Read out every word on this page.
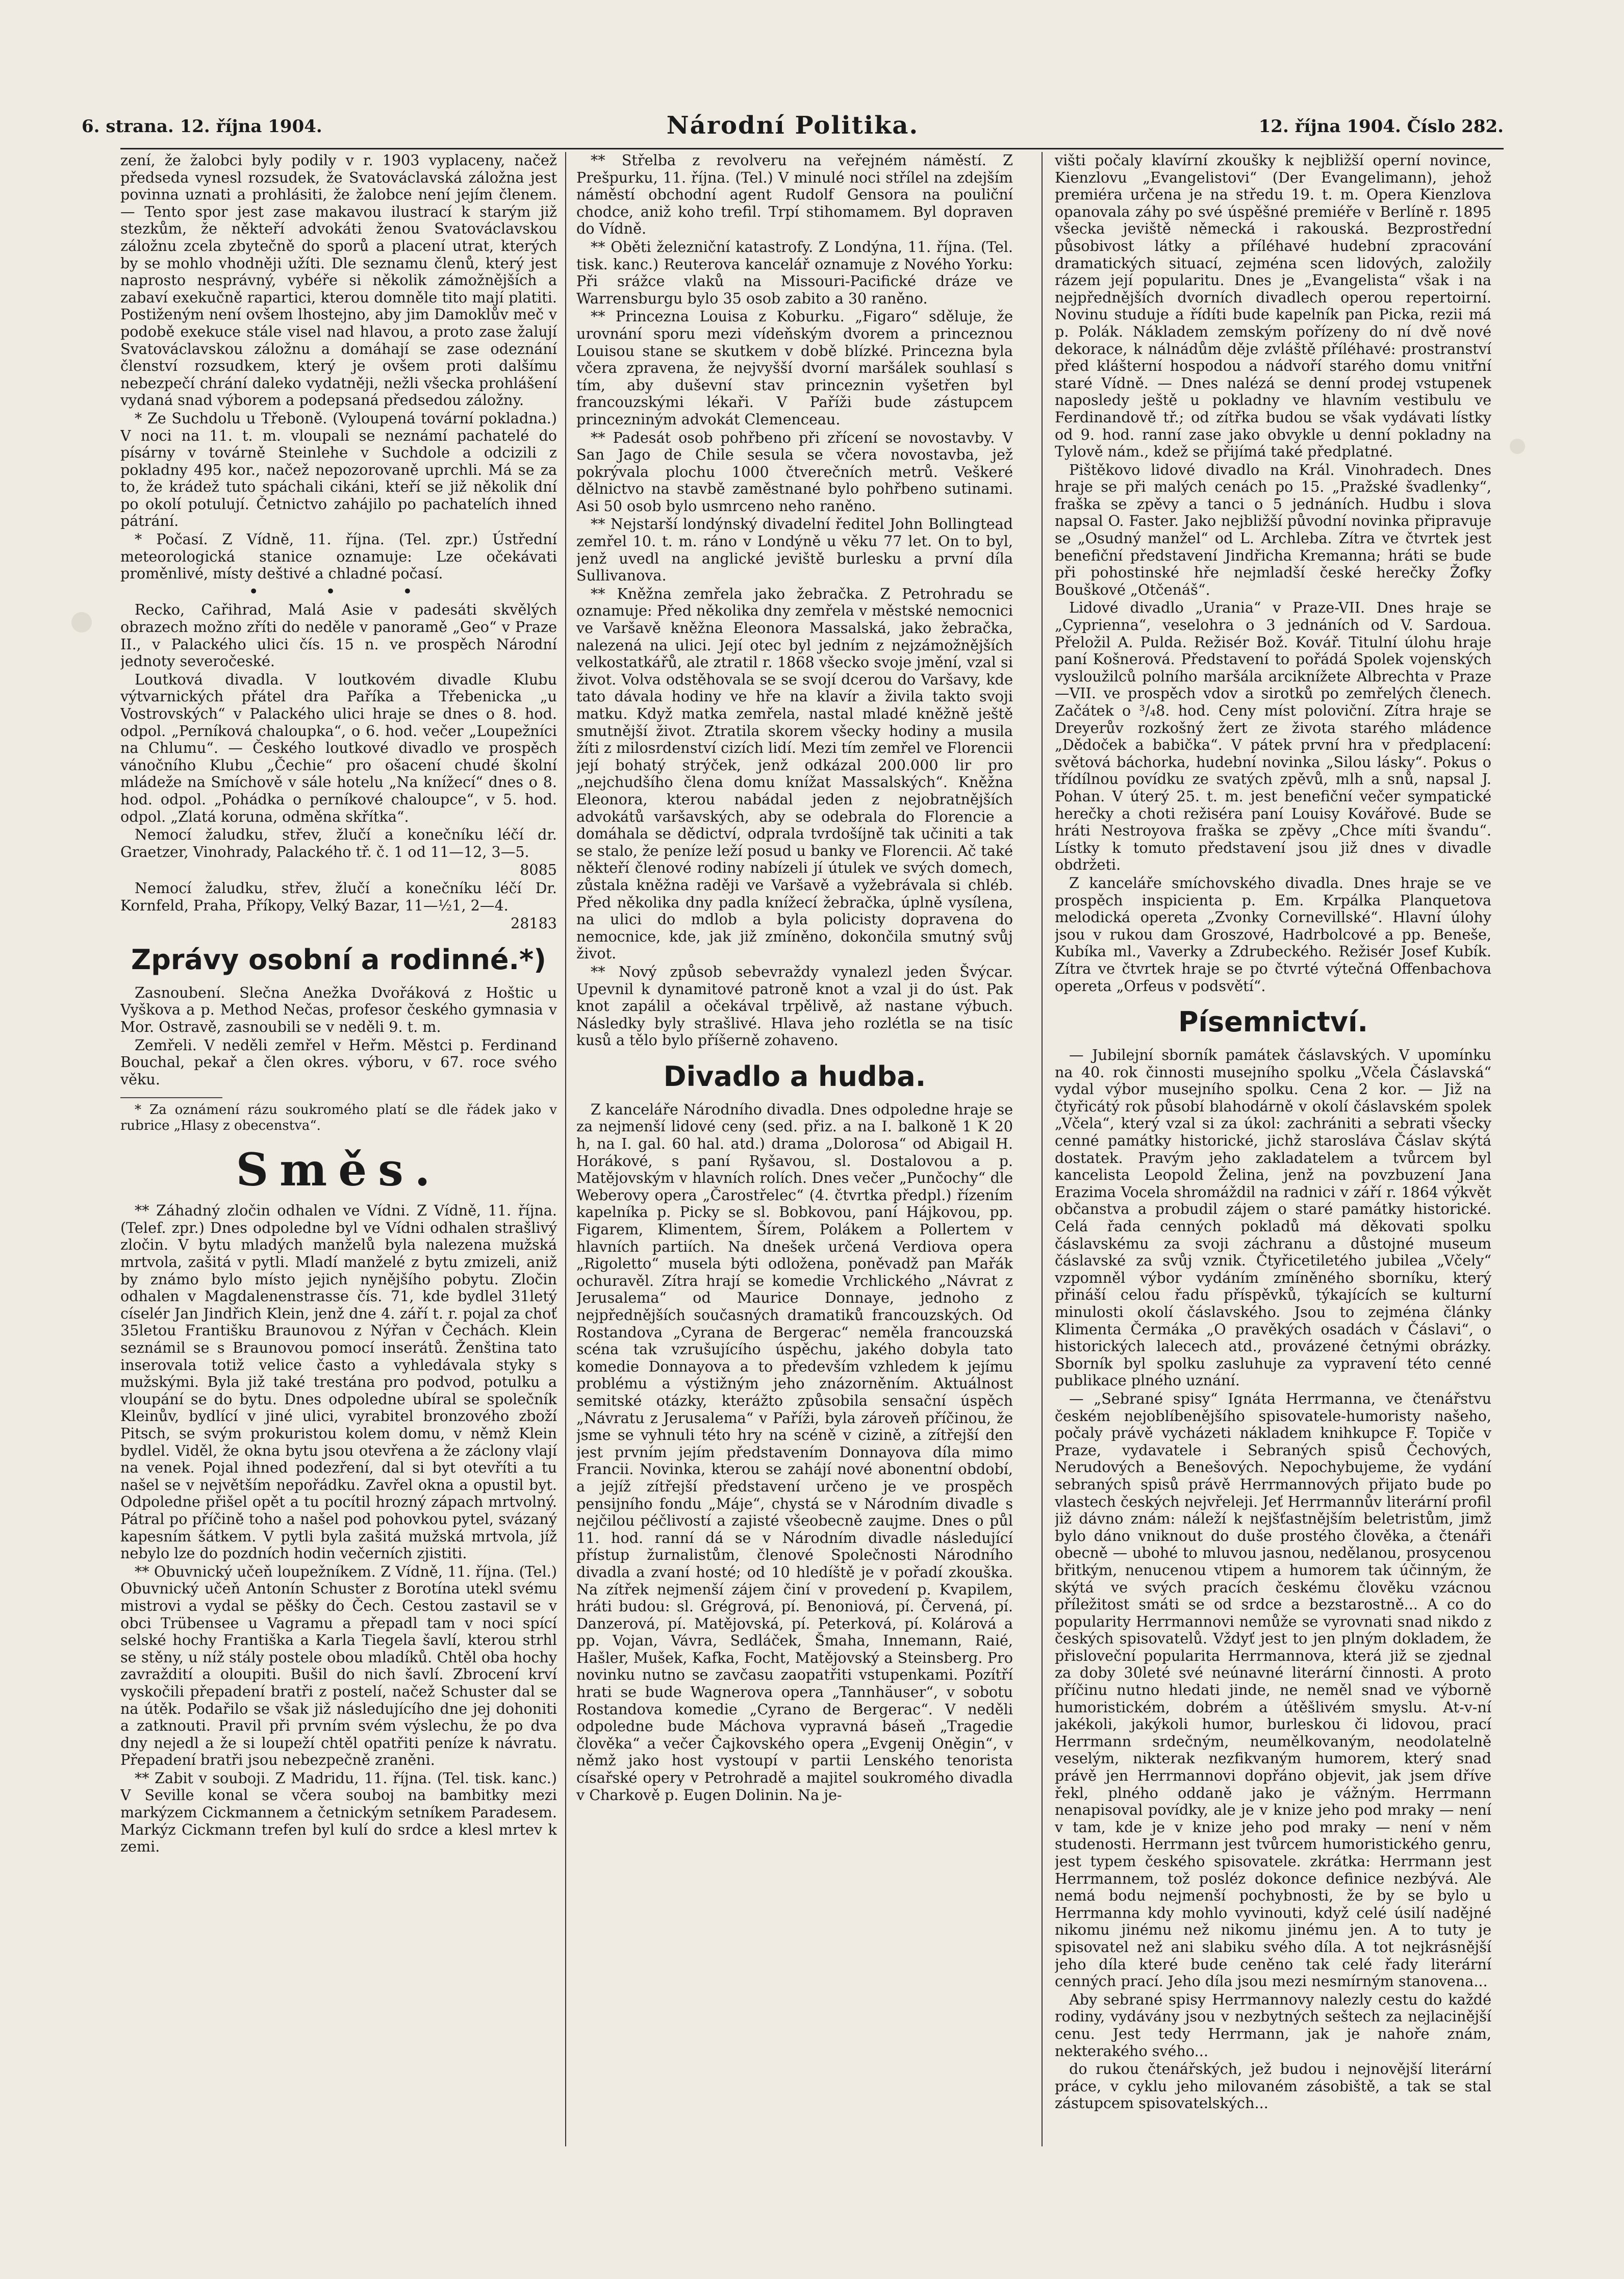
6. strana. 12. října 1904.	Národní Politika.	12. října 1904. Číslo 282.

zení, že žalobci byly podily v r. 1903 vyplaceny, načež předseda vynesl rozsudek, že Svatováclavská záložna jest povinna uznati a prohlásiti, že žalobce není jejím členem. — Tento spor jest zase makavou ilustrací k starým již stezkům, že někteří advokáti ženou Svatováclavskou záložnu zcela zbytečně do sporů a placení utrat, kterých by se mohlo vhodněji užíti. Dle seznamu členů, který jest naprosto nesprávný, vybéře si několik zámožnějších a zabaví exekučně rapartici, kterou domněle tito mají platiti. Postiženým není ovšem lhostejno, aby jim Damoklův meč v podobě exekuce stále visel nad hlavou, a proto zase žalují Svatováclavskou záložnu a domáhají se zase odeznání členství rozsudkem, který je ovšem proti dalšímu nebezpečí chrání daleko vydatněji, nežli všecka prohlášení vydaná snad výborem a podepsaná předsedou záložny.

* Ze Suchdolu u Třeboně. (Vyloupená tovární pokladna.) V noci na 11. t. m. vloupali se neznámí pachatelé do písárny v továrně Steinlehe v Suchdole a odcizili z pokladny 495 kor., načež nepozorovaně uprchli. Má se za to, že krádež tuto spáchali cikáni, kteří se již několik dní po okolí potulují. Četnictvo zahájilo po pachatelích ihned pátrání.

* Počasí. Z Vídně, 11. října. (Tel. zpr.) Ústřední meteorologická stanice oznamuje: Lze očekávati proměnlivé, místy deštivé a chladné počasí.

• • •

Recko, Cařihrad, Malá Asie v padesáti skvělých obrazech možno zříti do neděle v panoramě „Geo“ v Praze II., v Palackého ulici čís. 15 n. ve prospěch Národní jednoty severočeské.

Loutková divadla. V loutkovém divadle Klubu výtvarnických přátel dra Paříka a Třebenicka „u Vostrovských“ v Palackého ulici hraje se dnes o 8. hod. odpol. „Perníková chaloupka“, o 6. hod. večer „Loupežníci na Chlumu“. — Českého loutkové divadlo ve prospěch vánočního Klubu „Čechie“ pro ošacení chudé školní mládeže na Smíchově v sále hotelu „Na knížecí“ dnes o 8. hod. odpol. „Pohádka o perníkové chaloupce“, v 5. hod. odpol. „Zlatá koruna, odměna skřítka“.

Nemocí žaludku, střev, žlučí a konečníku léčí dr. Graetzer, Vinohrady, Palackého tř. č. 1 od 11—12, 3—5.

8085

Nemocí žaludku, střev, žlučí a konečníku léčí Dr. Kornfeld, Praha, Příkopy, Velký Bazar, 11—½1, 2—4.

28183

Zprávy osobní a rodinné.*)

Zasnoubení. Slečna Anežka Dvořáková z Hoštic u Vyškova a p. Method Nečas, profesor českého gymnasia v Mor. Ostravě, zasnoubili se v neděli 9. t. m.

Zemřeli. V neděli zemřel v Heřm. Městci p. Ferdinand Bouchal, pekař a člen okres. výboru, v 67. roce svého věku.

* Za oznámení rázu soukromého platí se dle řádek jako v rubrice „Hlasy z obecenstva“.

Směs.

** Záhadný zločin odhalen ve Vídni. Z Vídně, 11. října. (Telef. zpr.) Dnes odpoledne byl ve Vídni odhalen strašlivý zločin. V bytu mladých manželů byla nalezena mužská mrtvola, zašitá v pytli. Mladí manželé z bytu zmizeli, aniž by známo bylo místo jejich nynějšího pobytu. Zločin odhalen v Magdalenenstrasse čís. 71, kde bydlel 31letý císelér Jan Jindřich Klein, jenž dne 4. září t. r. pojal za choť 35letou Františku Braunovou z Nýřan v Čechách. Klein seznámil se s Braunovou pomocí inserátů. Ženština tato inserovala totiž velice často a vyhledávala styky s mužskými. Byla již také trestána pro podvod, potulku a vloupání se do bytu. Dnes odpoledne ubíral se společník Kleinův, bydlící v jiné ulici, vyrabitel bronzového zboží Pitsch, se svým prokuristou kolem domu, v němž Klein bydlel. Viděl, že okna bytu jsou otevřena a že záclony vlají na venek. Pojal ihned podezření, dal si byt otevříti a tu našel se v největším nepořádku. Zavřel okna a opustil byt. Odpoledne přišel opět a tu pocítil hrozný zápach mrtvolný. Pátral po příčině toho a našel pod pohovkou pytel, svázaný kapesním šátkem. V pytli byla zašitá mužská mrtvola, jíž nebylo lze do pozdních hodin večerních zjistiti.

** Obuvnický učeň loupežníkem. Z Vídně, 11. října. (Tel.) Obuvnický učeň Antonín Schuster z Borotína utekl svému mistrovi a vydal se pěšky do Čech. Cestou zastavil se v obci Trübensee u Vagramu a přepadl tam v noci spící selské hochy Františka a Karla Tiegela šavlí, kterou strhl se stěny, u níž stály postele obou mladíků. Chtěl oba hochy zavraždití a oloupiti. Bušil do nich šavlí. Zbrocení krví vyskočili přepadení bratři z postelí, načež Schuster dal se na útěk. Podařilo se však již následujícího dne jej dohoniti a zatknouti. Pravil při prvním svém výslechu, že po dva dny nejedl a že si loupeží chtěl opatřiti peníze k návratu. Přepadení bratři jsou nebezpečně zraněni.

** Zabit v souboji. Z Madridu, 11. října. (Tel. tisk. kanc.) V Seville konal se včera souboj na bambitky mezi markýzem Cickmannem a četnickým setníkem Paradesem. Markýz Cickmann trefen byl kulí do srdce a klesl mrtev k zemi.

** Střelba z revolveru na veřejném náměstí. Z Prešpurku, 11. října. (Tel.) V minulé noci střílel na zdejším náměstí obchodní agent Rudolf Gensora na pouliční chodce, aniž koho trefil. Trpí stihomamem. Byl dopraven do Vídně.

** Oběti železniční katastrofy. Z Londýna, 11. října. (Tel. tisk. kanc.) Reuterova kancelář oznamuje z Nového Yorku: Při srážce vlaků na Missouri-Pacifické dráze ve Warrensburgu bylo 35 osob zabito a 30 raněno.

** Princezna Louisa z Koburku. „Figaro“ sděluje, že urovnání sporu mezi vídeňským dvorem a princeznou Louisou stane se skutkem v době blízké. Princezna byla včera zpravena, že nejvyšší dvorní maršálek souhlasí s tím, aby duševní stav princeznin vyšetřen byl francouzskými lékaři. V Paříži bude zástupcem princezniným advokát Clemenceau.

** Padesát osob pohřbeno při zřícení se novostavby. V San Jago de Chile sesula se včera novostavba, jež pokrývala plochu 1000 čtverečních metrů. Veškeré dělnictvo na stavbě zaměstnané bylo pohřbeno sutinami. Asi 50 osob bylo usmrceno neho raněno.

** Nejstarší londýnský divadelní ředitel John Bollingtead zemřel 10. t. m. ráno v Londýně u věku 77 let. On to byl, jenž uvedl na anglické jeviště burlesku a první díla Sullivanova.

** Kněžna zemřela jako žebračka. Z Petrohradu se oznamuje: Před několika dny zemřela v městské nemocnici ve Varšavě kněžna Eleonora Massalská, jako žebračka, nalezená na ulici. Její otec byl jedním z nejzámožnějších velkostatkářů, ale ztratil r. 1868 všecko svoje jmění, vzal si život. Volva odstěhovala se se svojí dcerou do Varšavy, kde tato dávala hodiny ve hře na klavír a živila takto svoji matku. Když matka zemřela, nastal mladé kněžně ještě smutnější život. Ztratila skorem všecky hodiny a musila žíti z milosrdenství cizích lidí. Mezi tím zemřel ve Florencii její bohatý strýček, jenž odkázal 200.000 lir pro „nejchudšího člena domu knížat Massalských“. Kněžna Eleonora, kterou nabádal jeden z nejobratnějších advokátů varšavských, aby se odebrala do Florencie a domáhala se dědictví, odprala tvrdošíjně tak učiniti a tak se stalo, že peníze leží posud u banky ve Florencii. Ač také někteří členové rodiny nabízeli jí útulek ve svých domech, zůstala kněžna raději ve Varšavě a vyžebrávala si chléb. Před několika dny padla knížecí žebračka, úplně vysílena, na ulici do mdlob a byla policisty dopravena do nemocnice, kde, jak již zmíněno, dokončila smutný svůj život.

** Nový způsob sebevraždy vynalezl jeden Švýcar. Upevnil k dynamitové patroně knot a vzal ji do úst. Pak knot zapálil a očekával trpělivě, až nastane výbuch. Následky byly strašlivé. Hlava jeho rozlétla se na tisíc kusů a tělo bylo příšerně zohaveno.

Divadlo a hudba.

Z kanceláře Národního divadla. Dnes odpoledne hraje se za nejmenší lidové ceny (sed. přiz. a na I. balkoně 1 K 20 h, na I. gal. 60 hal. atd.) drama „Dolorosa“ od Abigail H. Horákové, s paní Ryšavou, sl. Dostalovou a p. Matějovským v hlavních rolích. Dnes večer „Punčochy“ dle Weberovy opera „Čarostřelec“ (4. čtvrtka předpl.) řízením kapelníka p. Picky se sl. Bobkovou, paní Hájkovou, pp. Figarem, Klimentem, Šírem, Polákem a Pollertem v hlavních partiích. Na dnešek určená Verdiova opera „Rigoletto“ musela býti odložena, poněvadž pan Mařák ochuravěl. Zítra hrají se komedie Vrchlického „Návrat z Jerusalema“ od Maurice Donnaye, jednoho z nejpřednějších současných dramatiků francouzských. Od Rostandova „Cyrana de Bergerac“ neměla francouzská scéna tak vzrušujícího úspěchu, jakého dobyla tato komedie Donnayova a to především vzhledem k jejímu problému a výstižným jeho znázorněním. Aktuálnost semitské otázky, kterážto způsobila sensační úspěch „Návratu z Jerusalema“ v Paříži, byla zároveň příčinou, že jsme se vyhnuli této hry na scéně v cizině, a zítřejší den jest prvním jejím představením Donnayova díla mimo Francii. Novinka, kterou se zahájí nové abonentní období, a jejíž zítřejší představení určeno je ve prospěch pensijního fondu „Máje“, chystá se v Národním divadle s nejčilou péčlivostí a zajisté všeobecně zaujme. Dnes o půl 11. hod. ranní dá se v Národním divadle následující přístup žurnalistům, členové Společnosti Národního divadla a zvaní hosté; od 10 hledíště je v pořadí zkouška. Na zítřek nejmenší zájem činí v provedení p. Kvapilem, hráti budou: sl. Grégrová, pí. Benoniová, pí. Červená, pí. Danzerová, pí. Matějovská, pí. Peterková, pí. Kolárová a pp. Vojan, Vávra, Sedláček, Šmaha, Innemann, Raié, Hašler, Mušek, Kafka, Focht, Matějovský a Steinsberg. Pro novinku nutno se zavčasu zaopatřiti vstupenkami. Pozítří hrati se bude Wagnerova opera „Tannhäuser“, v sobotu Rostandova komedie „Cyrano de Bergerac“. V neděli odpoledne bude Máchova vypravná báseň „Tragedie člověka“ a večer Čajkovského opera „Evgenij Oněgin“, v němž jako host vystoupí v partii Lenského tenorista císařské opery v Petrohradě a majitel soukromého divadla v Charkově p. Eugen Dolinin. Na je-

višti počaly klavírní zkoušky k nejbližší operní novince, Kienzlovu „Evangelistovi“ (Der Evangelimann), jehož premiéra určena je na středu 19. t. m. Opera Kienzlova opanovala záhy po své úspěšné premiéře v Berlíně r. 1895 všecka jeviště německá i rakouská. Bezprostřední působivost látky a příléhavé hudební zpracování dramatických situací, zejména scen lidových, založily rázem její popularitu. Dnes je „Evangelista“ však i na nejpřednějších dvorních divadlech operou repertoirní. Novinu studuje a řídíti bude kapelník pan Picka, rezii má p. Polák. Nákladem zemským pořízeny do ní dvě nové dekorace, k nálnádům děje zvláště příléhavé: prostranství před klášterní hospodou a nádvoří starého domu vnitřní staré Vídně. — Dnes nalézá se denní prodej vstupenek naposledy ještě u pokladny ve hlavním vestibulu ve Ferdinandově tř.; od zítřka budou se však vydávati lístky od 9. hod. ranní zase jako obvykle u denní pokladny na Tylově nám., kdež se přijímá také předplatné.

Pištěkovo lidové divadlo na Král. Vinohradech. Dnes hraje se při malých cenách po 15. „Pražské švadlenky“, fraška se zpěvy a tanci o 5 jednáních. Hudbu i slova napsal O. Faster. Jako nejbližší původní novinka připravuje se „Osudný manžel“ od L. Archleba. Zítra ve čtvrtek jest benefiční představení Jindřicha Kremanna; hráti se bude při pohostinské hře nejmladší české herečky Žofky Bouškové „Otčenáš“.

Lidové divadlo „Urania“ v Praze-VII. Dnes hraje se „Cyprienna“, veselohra o 3 jednáních od V. Sardoua. Přeložil A. Pulda. Režisér Bož. Kovář. Titulní úlohu hraje paní Košnerová. Představení to pořádá Spolek vojenských vysloužilců polního maršála arciknížete Albrechta v Praze—VII. ve prospěch vdov a sirotků po zemřelých členech. Začátek o ³/₄8. hod. Ceny míst poloviční. Zítra hraje se Dreyerův rozkošný žert ze života starého mládence „Dědoček a babička“. V pátek první hra v předplacení: světová báchorka, hudební novinka „Silou lásky“. Pokus o třídílnou povídku ze svatých zpěvů, mlh a snů, napsal J. Pohan. V úterý 25. t. m. jest benefiční večer sympatické herečky a choti režiséra paní Louisy Kovářové. Bude se hráti Nestroyova fraška se zpěvy „Chce míti švandu“. Lístky k tomuto představení jsou již dnes v divadle obdržeti.

Z kanceláře smíchovského divadla. Dnes hraje se ve prospěch inspicienta p. Em. Krpálka Planquetova melodická opereta „Zvonky Cornevillské“. Hlavní úlohy jsou v rukou dam Groszové, Hadrbolcové a pp. Beneše, Kubíka ml., Vaverky a Zdrubeckého. Režisér Josef Kubík. Zítra ve čtvrtek hraje se po čtvrté výtečná Offenbachova opereta „Orfeus v podsvětí“.

Písemnictví.

— Jubilejní sborník památek čáslavských. V upomínku na 40. rok činnosti musejního spolku „Včela Čáslavská“ vydal výbor musejního spolku. Cena 2 kor. — Již na čtyřicátý rok působí blahodárně v okolí čáslavském spolek „Včela“, který vzal si za úkol: zachrániti a sebrati všecky cenné památky historické, jichž starosláva Čáslav skýtá dostatek. Pravým jeho zakladatelem a tvůrcem byl kancelista Leopold Želina, jenž na povzbuzení Jana Erazima Vocela shromáždil na radnici v září r. 1864 výkvět občanstva a probudil zájem o staré památky historické. Celá řada cenných pokladů má děkovati spolku čáslavskému za svoji záchranu a důstojné museum čáslavské za svůj vznik. Čtyřicetiletého jubilea „Včely“ vzpomněl výbor vydáním zmíněného sborníku, který přináší celou řadu příspěvků, týkajících se kulturní minulosti okolí čáslavského. Jsou to zejména články Klimenta Čermáka „O pravěkých osadách v Čáslavi“, o historických lalecech atd., provázené četnými obrázky. Sborník byl spolku zasluhuje za vypravení této cenné publikace plného uznání.

— „Sebrané spisy“ Ignáta Herrmanna, ve čtenářstvu českém nejoblíbenějšího spisovatele-humoristy našeho, počaly právě vycházeti nákladem knihkupce F. Topiče v Praze, vydavatele i Sebraných spisů Čechových, Nerudových a Benešových. Nepochybujeme, že vydání sebraných spisů právě Herrmannových přijato bude po vlastech českých nejvřeleji. Jeť Herrmannův literární profil již dávno znám: náleží k nejšťastnějším beletristům, jimž bylo dáno vniknout do duše prostého člověka, a čtenáři obecně — ubohé to mluvou jasnou, nedělanou, prosycenou břitkým, nenucenou vtipem a humorem tak účinným, že skýtá ve svých pracích českému člověku vzácnou příležitost smáti se od srdce a bezstarostně... A co do popularity Herrmannovi nemůže se vyrovnati snad nikdo z českých spisovatelů. Vždyť jest to jen plným dokladem, že přisloveční popularita Herrmannova, která již se zjednal za doby 30leté své neúnavné literární činnosti. A proto příčinu nutno hledati jinde, ne neměl snad ve výborně humoristickém, dobrém a útěšlivém smyslu. At-v-ní jakékoli, jakýkoli humor, burleskou či lidovou, prací Herrmann srdečným, neumělkovaným, neodolatelně veselým, nikterak nezfikvaným humorem, který snad právě jen Herrmannovi dopřáno objevit, jak jsem dříve řekl, plného oddaně jako je vážným. Herrmann nenapisoval povídky, ale je v knize jeho pod mraky — není v tam, kde je v knize jeho pod mraky — není v něm studenosti. Herrmann jest tvůrcem humoristického genru, jest typem českého spisovatele. zkrátka: Herrmann jest Herrmannem, tož posléz dokonce definice nezbývá. Ale nemá bodu nejmenší pochybnosti, že by se bylo u Herrmanna kdy mohlo vyvinouti, když celé úsilí nadějné nikomu jinému než nikomu jinému jen. A to tuty je spisovatel než ani slabiku svého díla. A tot nejkrásnější jeho díla které bude ceněno tak celé řady literární cenných prací. Jeho díla jsou mezi nesmírným stanovena...

Aby sebrané spisy Herrmannovy nalezly cestu do každé rodiny, vydávány jsou v nezbytných seštech za nejlacinější cenu. Jest tedy Herrmann, jak je nahoře znám, nekterakého svého...

do rukou čtenářských, jež budou i nejnovější literární práce, v cyklu jeho milovaném zásobiště, a tak se stal zástupcem spisovatelských...
